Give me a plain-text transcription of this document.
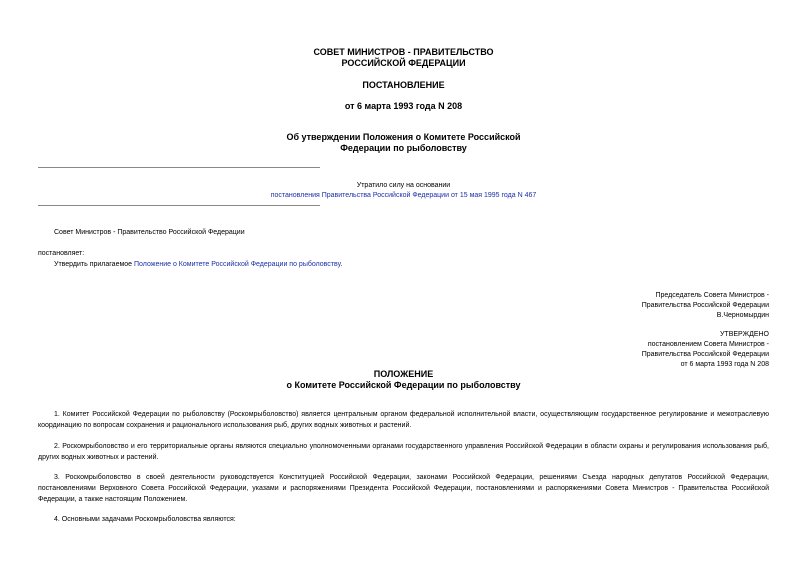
СОВЕТ МИНИСТРОВ - ПРАВИТЕЛЬСТВО
РОССИЙСКОЙ ФЕДЕРАЦИИ
ПОСТАНОВЛЕНИЕ
от 6 марта 1993 года N 208
Об утверждении Положения о Комитете Российской
Федерации по рыболовству
Утратило силу на основании
постановления Правительства Российской Федерации от 15 мая 1995 года N 467
Совет Министров - Правительство Российской Федерации
постановляет:
Утвердить прилагаемое Положение о Комитете Российской Федерации по рыболовству.
Председатель Совета Министров -
Правительства Российской Федерации
В.Черномырдин
УТВЕРЖДЕНО
постановлением Совета Министров -
Правительства Российской Федерации
от 6 марта 1993 года N 208
ПОЛОЖЕНИЕ
о Комитете Российской Федерации по рыболовству
1. Комитет Российской Федерации по рыболовству (Роскомрыболовство) является центральным органом федеральной исполнительной власти, осуществляющим государственное регулирование и межотраслевую координацию по вопросам сохранения и рационального использования рыб, других водных животных и растений.
2. Роскомрыболовство и его территориальные органы являются специально уполномоченными органами государственного управления Российской Федерации в области охраны и регулирования использования рыб, других водных животных и растений.
3. Роскомрыболовство в своей деятельности руководствуется Конституцией Российской Федерации, законами Российской Федерации, решениями Съезда народных депутатов Российской Федерации, постановлениями Верховного Совета Российской Федерации, указами и распоряжениями Президента Российской Федерации, постановлениями и распоряжениями Совета Министров - Правительства Российской Федерации, а также настоящим Положением.
4. Основными задачами Роскомрыболовства являются:
